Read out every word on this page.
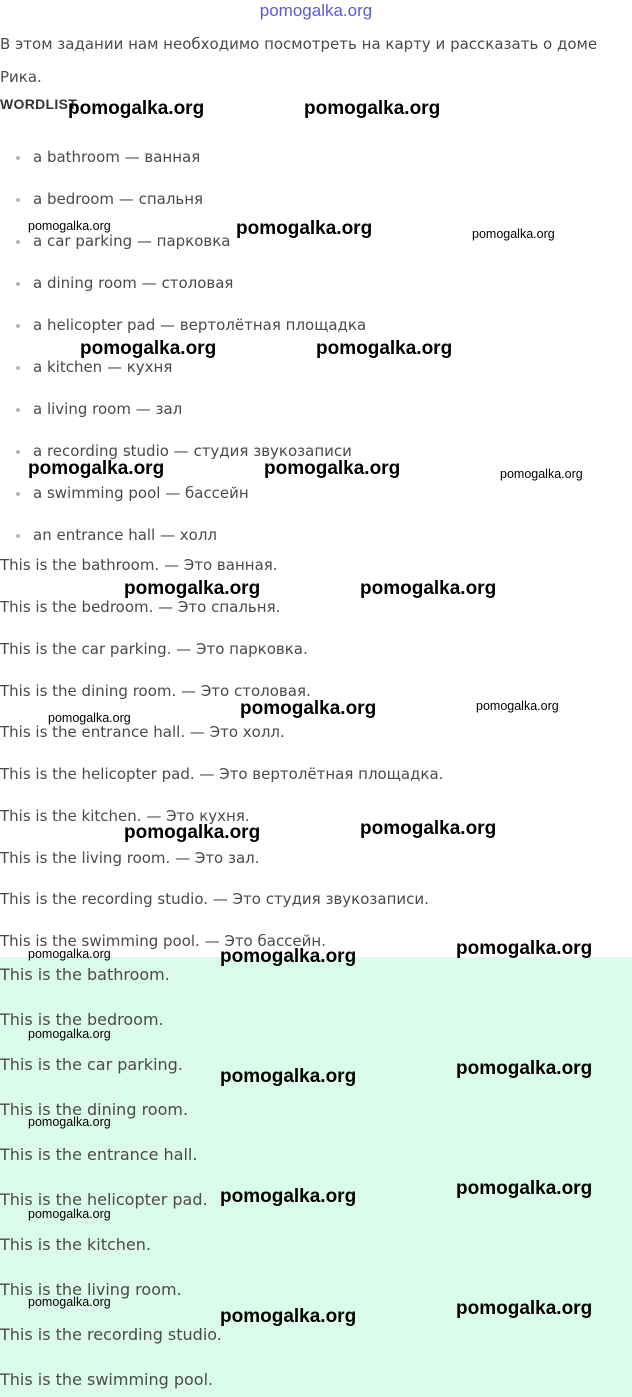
pomogalka.org
В этом задании нам необходимо посмотреть на карту и рассказать о доме Рика.
WORDLIST
a bathroom — ванная
a bedroom — спальня
a car parking — парковка
a dining room — столовая
a helicopter pad — вертолётная площадка
a kitchen — кухня
a living room — зал
a recording studio — студия звукозаписи
a swimming pool — бассейн
an entrance hall — холл
This is the bathroom. — Это ванная.
This is the bedroom. — Это спальня.
This is the car parking. — Это парковка.
This is the dining room. — Это столовая.
This is the entrance hall. — Это холл.
This is the helicopter pad. — Это вертолётная площадка.
This is the kitchen. — Это кухня.
This is the living room. — Это зал.
This is the recording studio. — Это студия звукозаписи.
This is the swimming pool. — Это бассейн.
This is the bathroom.
This is the bedroom.
This is the car parking.
This is the dining room.
This is the entrance hall.
This is the helicopter pad.
This is the kitchen.
This is the living room.
This is the recording studio.
This is the swimming pool.
pomogalka.org	pomogalka.org
pomogalka.org	pomogalka.org	pomogalka.org
pomogalka.org	pomogalka.org
pomogalka.org	pomogalka.org	pomogalka.org
pomogalka.org	pomogalka.org
pomogalka.org	pomogalka.org	pomogalka.org
pomogalka.org	pomogalka.org
pomogalka.org	pomogalka.org	pomogalka.org
pomogalka.org
pomogalka.org	pomogalka.org
pomogalka.org
pomogalka.org	pomogalka.org
pomogalka.org
pomogalka.org
pomogalka.org	pomogalka.org
